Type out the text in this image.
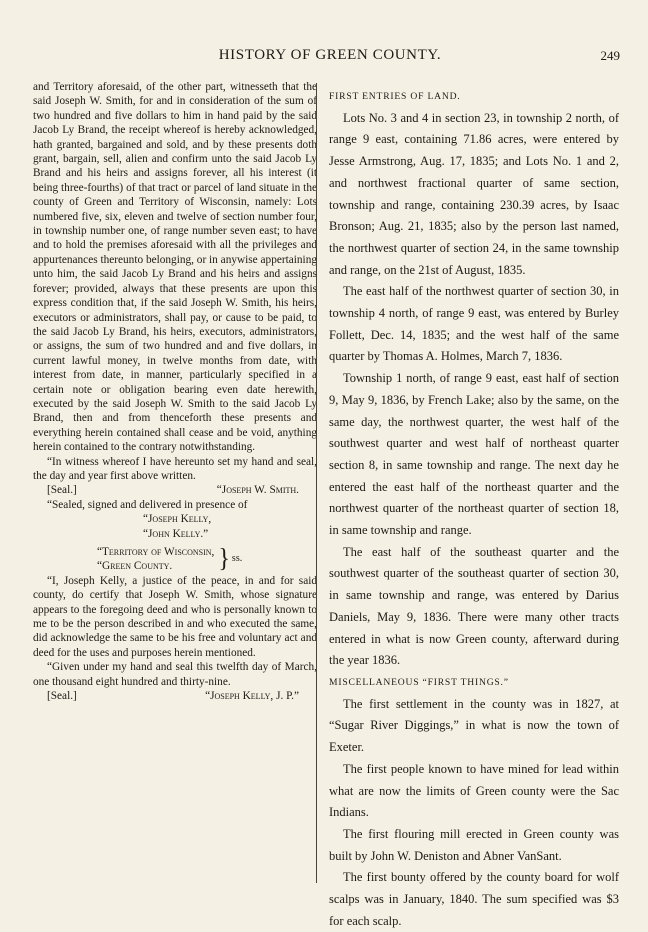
HISTORY OF GREEN COUNTY.	249

and Territory aforesaid, of the other part, witnesseth that the said Joseph W. Smith, for and in consideration of the sum of two hundred and five dollars to him in hand paid by the said Jacob Ly Brand, the receipt whereof is hereby acknowledged, hath granted, bargained and sold, and by these presents doth grant, bargain, sell, alien and confirm unto the said Jacob Ly Brand and his heirs and assigns forever, all his interest (it being three-fourths) of that tract or parcel of land situate in the county of Green and Territory of Wisconsin, namely: Lots numbered five, six, eleven and twelve of section number four, in township number one, of range number seven east; to have and to hold the premises aforesaid with all the privileges and appurtenances thereunto belonging, or in anywise appertaining unto him, the said Jacob Ly Brand and his heirs and assigns forever; provided, always that these presents are upon this express condition that, if the said Joseph W. Smith, his heirs, executors or administrators, shall pay, or cause to be paid, to the said Jacob Ly Brand, his heirs, executors, administrators, or assigns, the sum of two hundred and and five dollars, in current lawful money, in twelve months from date, with interest from date, in manner, particularly specified in a certain note or obligation bearing even date herewith, executed by the said Joseph W. Smith to the said Jacob Ly Brand, then and from thenceforth these presents and everything herein contained shall cease and be void, anything herein contained to the contrary notwithstanding.

“In witness whereof I have hereunto set my hand and seal, the day and year first above written.

[Seal.]	“Joseph W. Smith.

“Sealed, signed and delivered in presence of

“Joseph Kelly,
“John Kelly.”
“Territory of Wisconsin,
“Green County.	} ss.

“I, Joseph Kelly, a justice of the peace, in and for said county, do certify that Joseph W. Smith, whose signature appears to the foregoing deed and who is personally known to me to be the person described in and who executed the same, did acknowledge the same to be his free and voluntary act and deed for the uses and purposes herein mentioned.

“Given under my hand and seal this twelfth day of March, one thousand eight hundred and thirty-nine.

[Seal.]	“Joseph Kelly, J. P.”

FIRST ENTRIES OF LAND.

Lots No. 3 and 4 in section 23, in township 2 north, of range 9 east, containing 71.86 acres, were entered by Jesse Armstrong, Aug. 17, 1835; and Lots No. 1 and 2, and northwest fractional quarter of same section, township and range, containing 230.39 acres, by Isaac Bronson; Aug. 21, 1835; also by the person last named, the northwest quarter of section 24, in the same township and range, on the 21st of August, 1835.

The east half of the northwest quarter of section 30, in township 4 north, of range 9 east, was entered by Burley Follett, Dec. 14, 1835; and the west half of the same quarter by Thomas A. Holmes, March 7, 1836.

Township 1 north, of range 9 east, east half of section 9, May 9, 1836, by French Lake; also by the same, on the same day, the northwest quarter, the west half of the southwest quarter and west half of northeast quarter section 8, in same township and range. The next day he entered the east half of the northeast quarter and the northwest quarter of the northeast quarter of section 18, in same township and range.

The east half of the southeast quarter and the southwest quarter of the southeast quarter of section 30, in same township and range, was entered by Darius Daniels, May 9, 1836. There were many other tracts entered in what is now Green county, afterward during the year 1836.

MISCELLANEOUS “FIRST THINGS.”

The first settlement in the county was in 1827, at “Sugar River Diggings,” in what is now the town of Exeter.

The first people known to have mined for lead within what are now the limits of Green county were the Sac Indians.

The first flouring mill erected in Green county was built by John W. Deniston and Abner VanSant.

The first bounty offered by the county board for wolf scalps was in January, 1840. The sum specified was $3 for each scalp.
